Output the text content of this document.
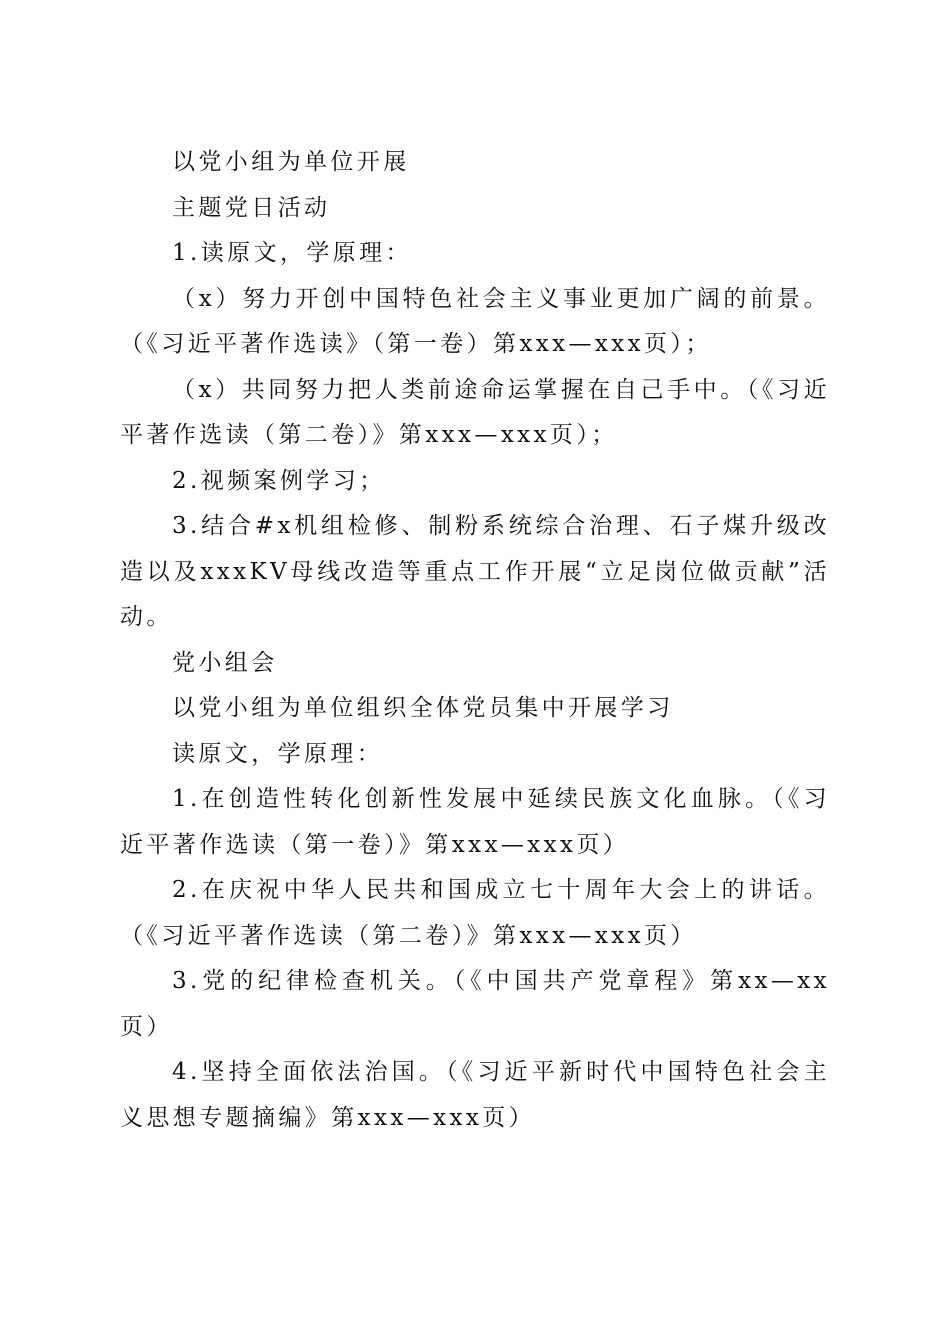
以党小组为单位开展

主题党日活动

1.读原文，学原理：

（x）努力开创中国特色社会主义事业更加广阔的前景。（《习近平著作选读》（第一卷）第xxx—xxx页）；

（x）共同努力把人类前途命运掌握在自己手中。（《习近平著作选读（第二卷）》第xxx—xxx页）；

2.视频案例学习；

3.结合#x机组检修、制粉系统综合治理、石子煤升级改造以及xxxKV母线改造等重点工作开展“立足岗位做贡献”活动。

党小组会

以党小组为单位组织全体党员集中开展学习

读原文，学原理：

1.在创造性转化创新性发展中延续民族文化血脉。（《习近平著作选读（第一卷）》第xxx—xxx页）

2.在庆祝中华人民共和国成立七十周年大会上的讲话。（《习近平著作选读（第二卷）》第xxx—xxx页）

3.党的纪律检查机关。（《中国共产党章程》第xx—xx页）

4.坚持全面依法治国。（《习近平新时代中国特色社会主义思想专题摘编》第xxx—xxx页）
